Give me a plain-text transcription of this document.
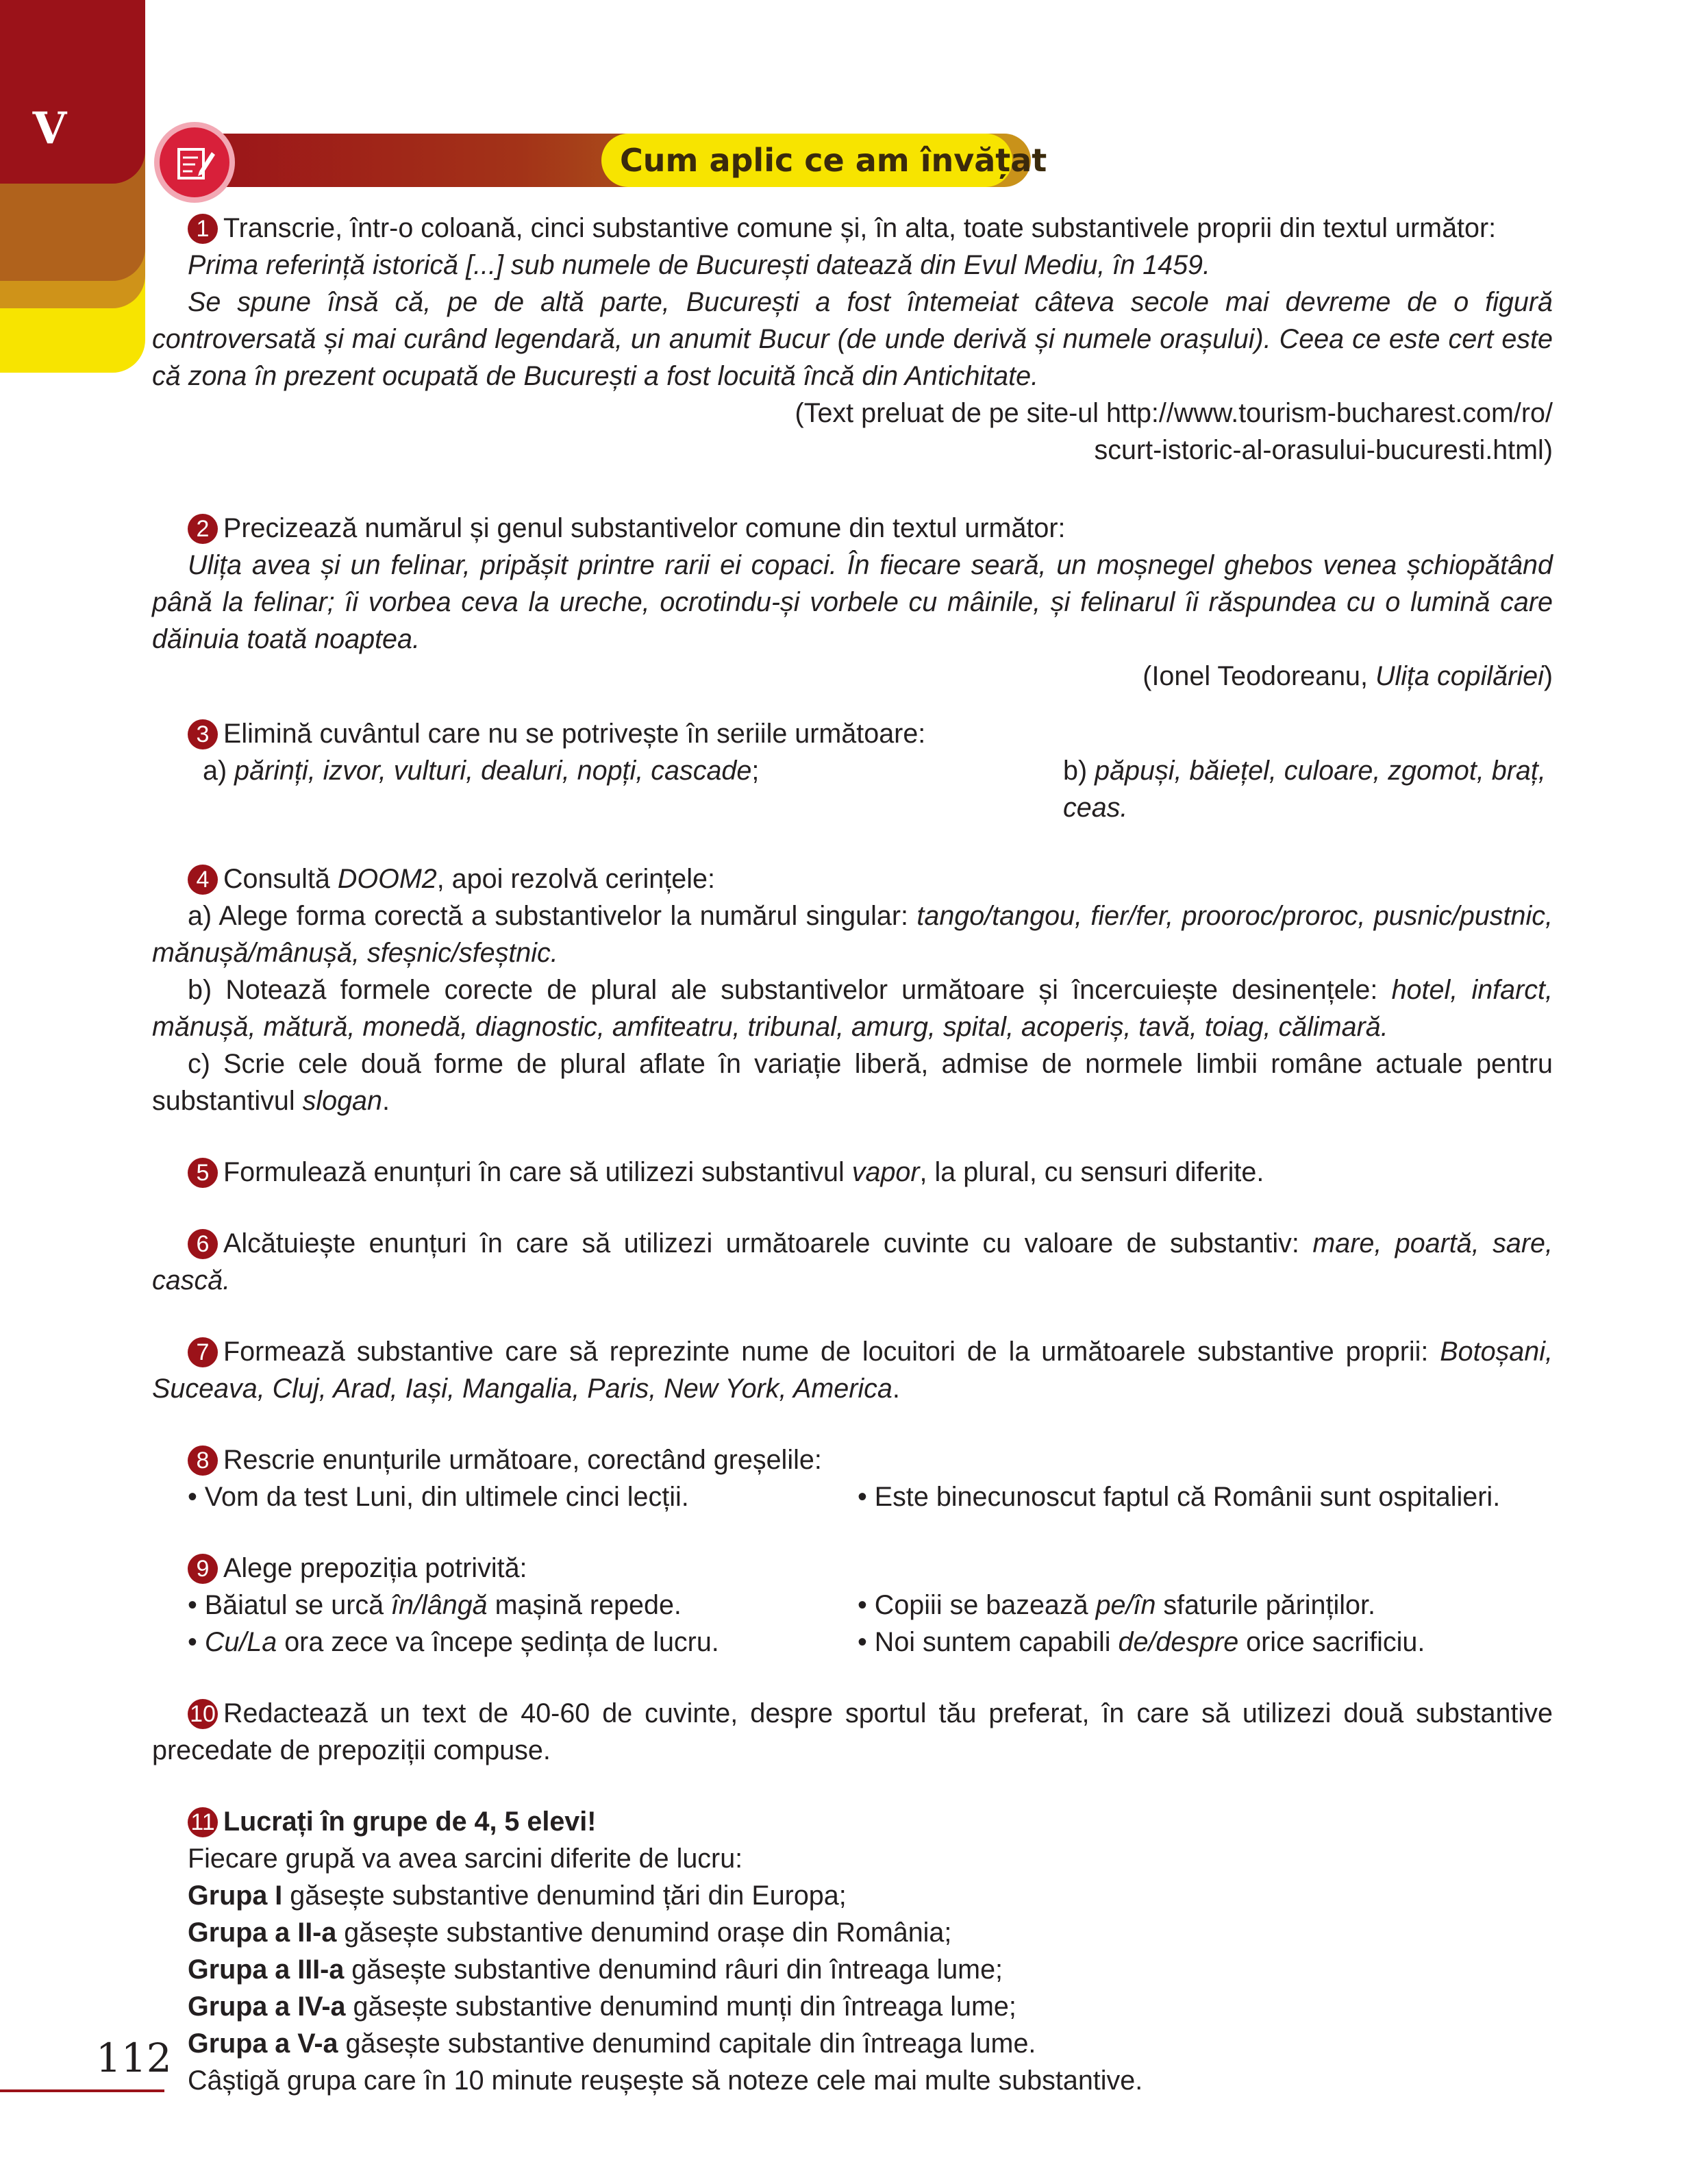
V
Cum aplic ce am învățat

1 Transcrie, într-o coloană, cinci substantive comune și, în alta, toate substantivele proprii din textul următor:

Prima referință istorică [...] sub numele de București datează din Evul Mediu, în 1459.

Se spune însă că, pe de altă parte, București a fost întemeiat câteva secole mai devreme de o figură controversată și mai curând legendară, un anumit Bucur (de unde derivă și numele orașului). Ceea ce este cert este că zona în prezent ocupată de București a fost locuită încă din Antichitate.

(Text preluat de pe site-ul http://www.tourism-bucharest.com/ro/

scurt-istoric-al-orasului-bucuresti.html)

2 Precizează numărul și genul substantivelor comune din textul următor:

Ulița avea și un felinar, pripășit printre rarii ei copaci. În fiecare seară, un moșnegel ghebos venea șchiopătând până la felinar; îi vorbea ceva la ureche, ocrotindu-și vorbele cu mâinile, și felinarul îi răspundea cu o lumină care dăinuia toată noaptea.

(Ionel Teodoreanu, Ulița copilăriei)

3 Elimină cuvântul care nu se potrivește în seriile următoare:

a) părinți, izvor, vulturi, dealuri, nopți, cascade;	b) păpuși, băiețel, culoare, zgomot, braț, ceas.

4 Consultă DOOM2, apoi rezolvă cerințele:

a) Alege forma corectă a substantivelor la numărul singular: tango/tangou, fier/fer, prooroc/proroc, pusnic/pustnic, mănușă/mânușă, sfeșnic/sfeștnic.

b) Notează formele corecte de plural ale substantivelor următoare și încercuiește desinențele: hotel, infarct, mănușă, mătură, monedă, diagnostic, amfiteatru, tribunal, amurg, spital, acoperiș, tavă, toiag, călimară.

c) Scrie cele două forme de plural aflate în variație liberă, admise de normele limbii române actuale pentru substantivul slogan.

5 Formulează enunțuri în care să utilizezi substantivul vapor, la plural, cu sensuri diferite.

6 Alcătuiește enunțuri în care să utilizezi următoarele cuvinte cu valoare de substantiv: mare, poartă, sare, cască.

7 Formează substantive care să reprezinte nume de locuitori de la următoarele substantive proprii: Botoșani, Suceava, Cluj, Arad, Iași, Mangalia, Paris, New York, America.

8 Rescrie enunțurile următoare, corectând greșelile:

• Vom da test Luni, din ultimele cinci lecții.	• Este binecunoscut faptul că Românii sunt ospitalieri.

9 Alege prepoziția potrivită:

• Băiatul se urcă în/lângă mașină repede.	• Copiii se bazează pe/în sfaturile părinților.

• Cu/La ora zece va începe ședința de lucru.	• Noi suntem capabili de/despre orice sacrificiu.

10 Redactează un text de 40-60 de cuvinte, despre sportul tău preferat, în care să utilizezi două substantive precedate de prepoziții compuse.

11 Lucrați în grupe de 4, 5 elevi!

Fiecare grupă va avea sarcini diferite de lucru:

Grupa I găsește substantive denumind țări din Europa;

Grupa a II-a găsește substantive denumind orașe din România;

Grupa a III-a găsește substantive denumind râuri din întreaga lume;

Grupa a IV-a găsește substantive denumind munți din întreaga lume;

Grupa a V-a găsește substantive denumind capitale din întreaga lume.

Câștigă grupa care în 10 minute reușește să noteze cele mai multe substantive.

112
